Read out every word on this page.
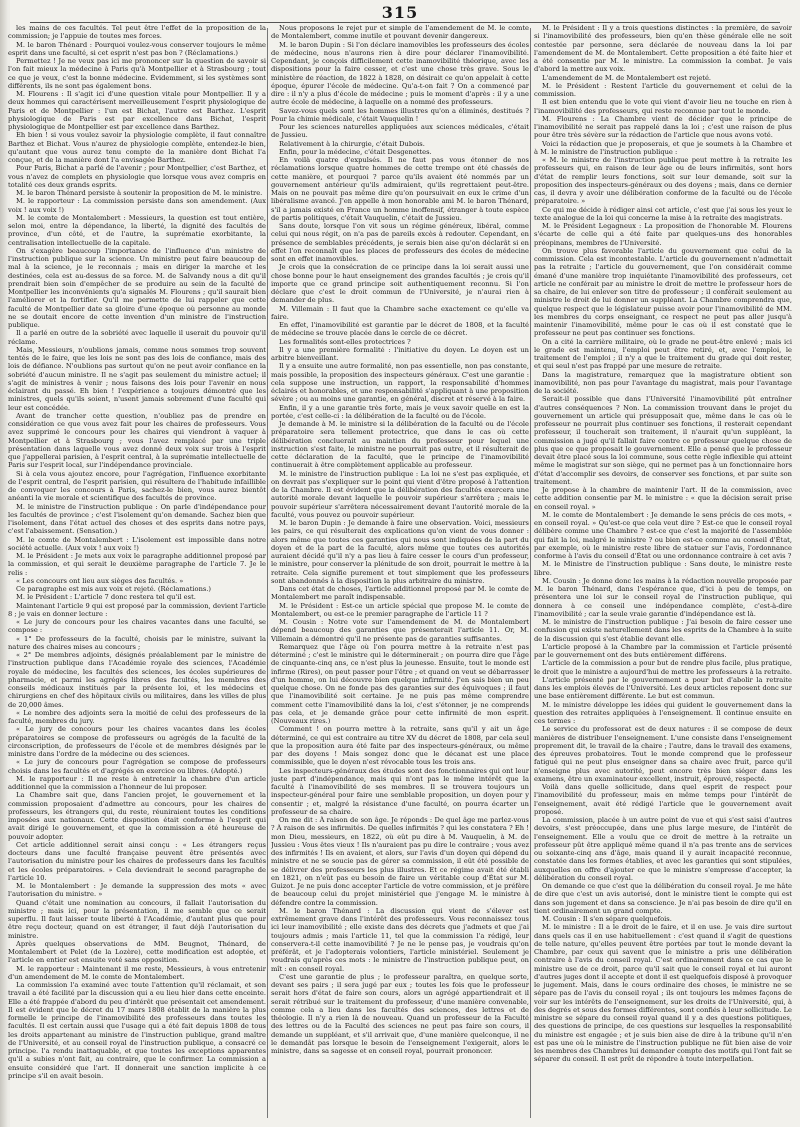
315

les mains de ces facultés. Tel peut être l'effet de la proposition de la commission; je l'appuie de toutes mes forces.

M. le baron Thénard : Pourquoi voulez-vous conserver toujours le même esprit dans une faculté, si cet esprit n'est pas bon ? (Réclamations.)

Permettez ! Je ne veux pas ici me prononcer sur la question de savoir si l'on fait mieux la médecine à Paris qu'à Montpellier et à Strasbourg ; tout ce que je veux, c'est la bonne médecine. Évidemment, si les systèmes sont différents, ils ne sont pas également bons.

M. Flourens : Il s'agit ici d'une question vitale pour Montpellier. Il y a deux hommes qui caractérisent merveilleusement l'esprit physiologique de Paris et de Montpellier : l'un est Bichat, l'autre est Barthez. L'esprit physiologique de Paris est par excellence dans Bichat, l'esprit physiologique de Montpellier est par excellence dans Barthez.

Eh bien ! si vous voulez savoir la physiologie complète, il faut connaître Barthez et Bichat. Vous n'aurez de physiologie complète, entendez-le bien, qu'autant que vous aurez tenu compte de la manière dont Bichat l'a conçue, et de la manière dont l'a envisagée Barthez.

Pour Paris, Bichat a parlé de l'avenir ; pour Montpellier, c'est Barthez, et vous n'avez de complets en physiologie que lorsque vous avez compris en totalité ces deux grands esprits.

M. le baron Thénard persiste à soutenir la proposition de M. le ministre.

M. le rapporteur : La commission persiste dans son amendement. (Aux voix ! aux voix !)

M. le comte de Montalembert : Messieurs, la question est tout entière, selon moi, entre la dépendance, la liberté, la dignité des facultés de province, d'un côté, et de l'autre, la suprématie exorbitante, la centralisation intellectuelle de la capitale.

On s'exagère beaucoup l'importance de l'influence d'un ministre de l'instruction publique sur la science. Un ministre peut faire beaucoup de mal à la science, je le reconnais ; mais en diriger la marche et les destinées, cela est au-dessus de sa force. M. de Salvandy nous a dit qu'il prendrait bien soin d'empêcher de se produire au sein de la faculté de Montpellier les inconvénients qu'a signalés M. Flourens ; qu'il saurait bien l'améliorer et la fortifier. Qu'il me permette de lui rappeler que cette faculté de Montpellier date sa gloire d'une époque où personne au monde ne se doutait encore de cette invention d'un ministre de l'instruction publique.

Il a parlé en outre de la sobriété avec laquelle il userait du pouvoir qu'il réclame.

Mais, Messieurs, n'oublions jamais, comme nous sommes trop souvent tentés de le faire, que les lois ne sont pas des lois de confiance, mais des lois de défiance. N'oublions pas surtout qu'on ne peut avoir confiance en la sobriété d'aucun ministre. Il ne s'agit pas seulement du ministre actuel; il s'agit de ministres à venir ; nous faisons des lois pour l'avenir en nous éclairant du passé. Eh bien ! l'expérience a toujours démontré que les ministres, quels qu'ils soient, n'usent jamais sobrement d'une faculté qui leur est concédée.

Avant de trancher cette question, n'oubliez pas de prendre en considération ce que vous avez fait pour les chaires de professeurs. Vous avez supprimé le concours pour les chaires qui viendront à vaquer à Montpellier et à Strasbourg ; vous l'avez remplacé par une triple présentation dans laquelle vous avez donné deux voix sur trois à l'esprit que j'appellerai parisien, à l'esprit central, à la suprématie intellectuelle de Paris sur l'esprit local, sur l'indépendance provinciale.

Si à cela vous ajoutez encore, pour l'agrégation, l'influence exorbitante de l'esprit central, de l'esprit parisien, qui résultera de l'habitude infaillible de convoquer les concours à Paris, sachez-le bien, vous aurez bientôt anéanti la vie morale et scientifique des facultés de province.

M. le ministre de l'instruction publique : On parle d'indépendance pour les facultés de province ; c'est l'isolement qu'on demande. Sachez bien que l'isolement, dans l'état actuel des choses et des esprits dans notre pays, c'est l'abaissement. (Sensation.)

M. le comte de Montalembert : L'isolement est impossible dans notre société actuelle. (Aux voix ! aux voix !)

M. le Président : Je mets aux voix le paragraphe additionnel proposé par la commission, et qui serait le deuxième paragraphe de l'article 7. Je le relis :

« Les concours ont lieu aux sièges des facultés. »

Ce paragraphe est mis aux voix et rejeté. (Réclamations.)

M. le Président : L'article 7 donc restera tel qu'il est.

Maintenant l'article 9 qui est proposé par la commission, devient l'article 8 ; je vais en donner lecture :

« Le jury de concours pour les chaires vacantes dans une faculté, se compose :

« 1° De professeurs de la faculté, choisis par le ministre, suivant la nature des chaires mises au concours ;

« 2° De membres adjoints, désignés préalablement par le ministre de l'instruction publique dans l'Académie royale des sciences, l'Académie royale de médecine, les facultés des sciences, les écoles supérieures de pharmacie, et parmi les agrégés libres des facultés, les membres des conseils médicaux institués par la présente loi, et les médecins et chirurgiens en chef des hôpitaux civils ou militaires, dans les villes de plus de 20,000 âmes.

« Le nombre des adjoints sera la moitié de celui des professeurs de la faculté, membres du jury.

« Le jury de concours pour les chaires vacantes dans les écoles préparatoires se compose de professeurs ou agrégés de la faculté de la circonscription, de professeurs de l'école et de membres désignés par le ministre dans l'ordre de la médecine ou des sciences.

« Le jury de concours pour l'agrégation se compose de professeurs choisis dans les facultés et d'agrégés en exercice ou libres. (Adopté.)

M. le rapporteur : Il me reste à entretenir la chambre d'un article additionnel que la commission a l'honneur de lui proposer.

La Chambre sait que, dans l'ancien projet, le gouvernement et la commission proposaient d'admettre au concours, pour les chaires de professeurs, les étrangers qui, du reste, réuniraient toutes les conditions imposées aux nationaux. Cette disposition était conforme à l'esprit qui avait dirigé le gouvernement, et que la commission a été heureuse de pouvoir adopter.

Cet article additionnel serait ainsi conçu : « Les étrangers reçus docteurs dans une faculté française peuvent être présentés avec l'autorisation du ministre pour les chaires de professeurs dans les facultés et les écoles préparatoires. » Cela deviendrait le second paragraphe de l'article 10.

M. le Montalembert : Je demande la suppression des mots « avec l'autorisation du ministre. »

Quand c'était une nomination au concours, il fallait l'autorisation du ministre ; mais ici, pour la présentation, il me semble que ce serait superflu. Il faut laisser toute liberté à l'Académie, d'autant plus que pour être reçu docteur, quand on est étranger, il faut déjà l'autorisation du ministre.

Après quelques observations de MM. Beugnot, Thénard, de Montalembert et Pelet (de la Lozère), cette modification est adoptée, et l'article en entier est ensuite voté sans opposition.

M. le rapporteur : Maintenant il me reste, Messieurs, à vous entretenir d'un amendement de M. le comte de Montalembert.

La commission l'a examiné avec toute l'attention qu'il réclamait, et son travail a été facilité par la discussion qui a eu lieu hier dans cette enceinte. Elle a été frappée d'abord du peu d'intérêt que présentait cet amendement. Il est évident que le décret du 17 mars 1808 établit de la manière la plus formelle le principe de l'inamovibilité des professeurs dans toutes les facultés. Il est certain aussi que l'usage qui a été fait depuis 1808 de tous les droits appartenant au ministre de l'instruction publique, grand maître de l'Université, et au conseil royal de l'instruction publique, a consacré ce principe. l'a rendu inattaquable, et que toutes les exceptions apparentes qu'il a subies n'ont fait, au contraire, que le confirmer. La commission a ensuite considéré que l'art. II donnerait une sanction implicite à ce principe s'il en avait besoin.

Nous proposons le rejet pur et simple de l'amendement de M. le comte de Montalembert, comme inutile et pouvant devenir dangereux.

M. le baron Dupin : Si l'on déclare inamovibles les professeurs des écoles de médecine, nous n'aurons rien à dire pour déclarer l'inamovibilité. Cependant, je conçois difficilement cette inamovibilité théorique, avec les dispositions pour la faire cesser, et c'est une chose très grave. Sous le ministère de réaction, de 1822 à 1828, on désirait ce qu'on appelait à cette époque, épurer l'école de médecine. Qu'a-t-on fait ? On a commencé par dire : il n'y a plus d'école de médecine ; puis le moment d'après : il y a une autre école de médecine, à laquelle on a nommé des professeurs.

Savez-vous quels sont les hommes illustres qu'on a éliminés, destitués ? Pour la chimie médicale, c'était Vauquelin !

Pour les sciences naturelles appliquées aux sciences médicales, c'était de Jussieu.

Relativement à la chirurgie, c'était Dubois.

Enfin, pour la médecine, c'était Desgenettes.

En voilà quatre d'expulsés. Il ne faut pas vous étonner de nos réclamations lorsque quatre hommes de cette trempe ont été chassés de cette manière, et pourquoi ? parce qu'ils avaient été nommés par un gouvernement antérieur qu'ils admiraient, qu'ils regrettaient peut-être. Mais on ne pouvait pas même dire qu'on poursuivait en eux le crime d'un libéralisme avancé. J'en appelle à mon honorable ami M. le baron Thénard, s'il a jamais existé en France un homme inoffensif, étranger à toute espèce de partis politiques, c'était Vauquelin, c'était de Jussieu.

Sans doute, lorsque l'on vit sous un régime généreux, libéral, comme celui qui nous régit, on n'a pas de pareils excès à redouter. Cependant, en présence de semblables précédents, je serais bien aise qu'on déclarât si en effet l'on reconnaît que les places de professeurs des écoles de médecine sont en effet inamovibles.

Je crois que la consécration de ce principe dans la loi serait aussi une chose bonne pour le haut enseignement des grandes facultés ; je crois qu'il importe que ce grand principe soit authentiquement reconnu. Si l'on déclare que c'est le droit commun de l'Université, je n'aurai rien à demander de plus.

M. Villemain : Il faut que la Chambre sache exactement ce qu'elle va faire.

En effet, l'inamovibilité est garantie par le décret de 1808, et la faculté de médecine se trouve placée dans le cercle de ce décret.

Les formalités sont-elles protectrices ?

Il y a une première formalité : l'initiative du doyen. Le doyen est un arbitre bienveillant.

Il y a ensuite une autre formalité, non pas essentielle, non pas constante, mais possible, la proposition des inspecteurs généraux. C'est une garantie : cela suppose une instruction, un rapport, la responsabilité d'hommes éclairés et honorables, et une responsabilité s'appliquant à une proposition sévère ; ou au moins une garantie, en général, discret et réservé à la faire.

Enfin, il y a une garantie très forte, mais je veux savoir quelle en est la portée, c'est celle-ci : la délibération de la faculté ou de l'école.

Je demande à M. le ministre si la délibération de la faculté ou de l'école préparatoire sera tellement protectrice, que dans le cas où cette délibération concluerait au maintien du professeur pour lequel une instruction s'est faite, le ministre ne pourrait pas outre, et il résulterait de cette déclaration de la faculté, que le principe de l'inamovibilité continuerait à être complètement applicable au professeur.

M. le ministre de l'instruction publique : La loi ne s'est pas expliquée, et on devrait pas s'expliquer sur le point qui vient d'être proposé à l'attention de la Chambre. Il est évident que la délibération des facultés exercera une autorité morale devant laquelle le pouvoir supérieur s'arrêtera ; mais le pouvoir supérieur s'arrêtera nécessairement devant l'autorité morale de la faculté, vous pouvez ou pouvoir supérieur.

M. le baron Dupin : Je demande à faire une observation. Voici, messieurs les pairs, ce qui résulterait des explications qu'on vient de vous donner : alors même que toutes ces garanties qui nous sont indiquées de la part du doyen et de la part de la faculté, alors même que toutes ces autorités auraient décidé qu'il n'y a pas lieu à faire cesser le cours d'un professeur, le ministre, pour conserver la plénitude de son droit, pourrait le mettre à la retraite. Cela signifie purement et tout simplement que les professeurs sont abandonnés à la disposition la plus arbitraire du ministre.

Dans cet état de choses, l'article additionnel proposé par M. le comte de Montalembert me paraît indispensable.

M. le Président : Est-ce un article spécial que propose M. le comte de Montalembert, ou est-ce le premier paragraphe de l'article 11 ?

M. Cousin : Notre vote sur l'amendement de M. de Montalembert dépend beaucoup des garanties que présenterait l'article 11. Or, M. Villemain a démontré qu'il ne présente pas de garanties suffisantes.

Remarquez que l'âge où l'on pourra mettre à la retraite n'est pas déterminé ; c'est le ministre qui le déterminerait ; on pourra dire que l'âge de cinquante-cinq ans, ce n'est plus la jeunesse. Ensuite, tout le monde est infirme (Rires), on peut passer pour l'être ; et quand on veut se débarrasser d'un homme, on lui découvre bien quelque infirmité. J'en sais bien un peu quelque chose. On ne fonde pas des garanties sur des équivoques ; il faut que l'inamovibilité soit certaine. Je ne puis pas même comprendre comment cette l'inamovibilité dans la loi, c'est s'étonner, je ne comprends pas cela, et je demande grâce pour cette infirmité de mon esprit. (Nouveaux rires.)

Comment ! on pourra mettre à la retraite, sans qu'il y ait un âge déterminé, ce qui est contraire au titre XV du décret de 1808, par cela seul que la proposition aura été faite par des inspecteurs-généraux, ou même par des doyens ! Mais songez donc que le décanat est une place commissible, que le doyen n'est révocable tous les trois ans.

Les inspecteurs-généraux des études sont des fonctionnaires qui ont leur juste part d'indépendance, mais qui n'ont pas le même intérêt que la faculté à l'inamovibilité de ses membres. Il se trouvera toujours un inspecteur-général pour faire une semblable proposition, un doyen pour y consentir ; et, malgré la résistance d'une faculté, on pourra écarter un professeur de sa chaire.

On me dit : À raison de son âge. Je réponds : De quel âge me parlez-vous ? À raison de ses infirmités. De quelles infirmités ? qui les constatera ? Eh ! mon Dieu, messieurs, en 1822, où eût pu dire à M. Vauquelin, à M. de Jussieu : Vous êtes vieux ! Ils n'auraient pas pu dire le contraire ; vous avez des infirmités ! Ils en avaient, et alors, sur l'avis d'un doyen qui dépend du ministre et ne se soucie pas de gérer sa commission, il eût été possible de se délivrer des professeurs les plus illustres. Et ce régime avait été établi en 1821, on n'eût pas eu besoin de faire un véritable coup d'État sur M. Guizot. Je ne puis donc accepter l'article de votre commission, et je préfère de beaucoup celui du projet ministériel que j'engage M. le ministre à défendre contre la commission.

M. le baron Thénard : La discussion qui vient de s'élever est extrêmement grave dans l'intérêt des professeurs. Vous reconnaissez tous ici leur inamovibilité ; elle existe dans des décrets que j'admets et que j'ai toujours admis ; mais l'article 11, tel que la commission l'a rédigé, leur conservera-t-il cette inamovibilité ? Je ne le pense pas, je voudrais qu'on préférât, et je l'adopterais volontiers, l'article ministériel. Seulement je voudrais qu'après ces mots : le ministre de l'instruction publique peut, on mît : en conseil royal.

C'est une garantie de plus ; le professeur paraîtra, en quelque sorte, devant ses pairs ; il sera jugé par eux ; toutes les fois que le professeur serait hors d'état de faire son cours, alors un agrégé appartiendrait et il serait rétribué sur le traitement du professeur, d'une manière convenable, comme cela a lieu dans les facultés des sciences, des lettres et de théologie. Il n'y a rien là de nouveau. Quand un professeur de la Faculté des lettres ou de la Faculté des sciences ne peut pas faire son cours, il demande un suppléant, et s'il arrivait que, d'une manière quelconque, il ne le demandât pas lorsque le besoin de l'enseignement l'exigerait, alors le ministre, dans sa sagesse et en conseil royal, pourrait prononcer.

M. le Président : Il y a trois questions distinctes : la première, de savoir si l'inamovibilité des professeurs, bien qu'en thèse générale elle ne soit contestée par personne, sera déclarée de nouveau dans la loi par l'amendement de M. de Montalembert. Cette proposition a été faite hier et a été consentie par M. le ministre. La commission la combat. Je vais d'abord la mettre aux voix.

L'amendement de M. de Montalembert est rejeté.

M. le Président : Restent l'article du gouvernement et celui de la commission.

Il est bien entendu que le vote qui vient d'avoir lieu ne touche en rien à l'inamovibilité des professeurs, qui reste reconnue par tout le monde.

M. Flourens : La Chambre vient de décider que le principe de l'inamovibilité ne serait pas rappelé dans la loi ; c'est une raison de plus pour être très sévère sur la rédaction de l'article que nous avons voté.

Voici la rédaction que je proposerais, et que je soumets à la Chambre et à M. le ministre de l'instruction publique :

« M. le ministre de l'instruction publique peut mettre à la retraite les professeurs qui, en raison de leur âge ou de leurs infirmités, sont hors d'état de remplir leurs fonctions, soit sur leur demande, soit sur la proposition des inspecteurs-généraux ou des doyens ; mais, dans ce dernier cas, il devra y avoir une délibération conforme de la faculté ou de l'école préparatoire. »

Ce qui me décide à rédiger ainsi cet article, c'est que j'ai sous les yeux le texte analogue de la loi qui concerne la mise à la retraite des magistrats.

M. le Président Legagneux : La proposition de l'honorable M. Flourens s'écarte de celle qui a été faite par quelques-uns des honorables préopinans, membres de l'Université.

On trouve plus favorable l'article du gouvernement que celui de la commission. Cela est incontestable. L'article du gouvernement n'admettait pas la retraite ; l'article du gouvernement, que l'on considérait comme émané d'une manière trop inquiétante l'inamovibilité des professeurs, cet article ne conférait par au ministre le droit de mettre le professeur hors de sa chaire, de lui enlever son titre de professeur ; il conférait seulement au ministre le droit de lui donner un suppléant. La Chambre comprendra que, quelque respect que le législateur puisse avoir pour l'inamovibilité de MM. les membres du corps enseignant, ce respect ne peut pas aller jusqu'à maintenir l'inamovibilité, même pour le cas où il est constaté que le professeur ne peut pas continuer ses fonctions.

On a cité la carrière militaire, où le grade ne peut-être enlevé ; mais ici le grade est maintenu, l'emploi peut être retiré, et, avec l'emploi, le traitement de l'emploi ; il n'y a que le traitement du grade qui doit rester, et qui seul n'est pas frappé par une mesure de retraite.

Dans la magistrature, remarquez que la magistrature obtient son inamovibilité, non pas pour l'avantage du magistrat, mais pour l'avantage de la société.

Serait-il possible que dans l'Université l'inamovibilité pût entraîner d'autres conséquences ? Non. La commission trouvant dans le projet du gouvernement un article qui présupposait que, même dans le cas où le professeur ne pourrait plus continuer ses fonctions, il resterait cependant professeur, il toucherait son traitement, il n'aurait qu'un suppléant, la commission a jugé qu'il fallait faire contre ce professeur quelque chose de plus que ce que proposait le gouvernement. Elle a pensé que le professeur devait être placé sous la loi commune, sous cette règle inflexible qui atteint même le magistrat sur son siège, qui ne permet pas à un fonctionnaire hors d'état d'accomplir ses devoirs, de conserver ses fonctions, et par suite son traitement.

Je propose à la chambre de maintenir l'art. II de la commission, avec cette addition consentie par M. le ministre : « que la décision serait prise en conseil royal. »

M. le comte de Montalembert : Je demande le sens précis de ces mots, « en conseil royal. » Qu'est-ce que cela veut dire ? Est-ce que le conseil royal délibère comme une Chambre ? est-ce que c'est la majorité de l'assemblée qui fait la loi, malgré le ministre ? ou bien est-ce comme au conseil d'État, par exemple, où le ministre reste libre de statuer sur l'avis, l'ordonnance conforme à l'avis du conseil d'État ou une ordonnance contraire à cet avis ?

M. le Ministre de l'instruction publique : Sans doute, le ministre reste libre.

M. Cousin : Je donne donc les mains à la rédaction nouvelle proposée par M. le baron Thénard, dans l'espérance que, d'ici à peu de temps, on présentera une loi sur le conseil royal de l'instruction publique, qui donnera à ce conseil une indépendance complète, c'est-à-dire l'inamovibilité ; car la seule vraie garantie d'indépendance est là.

M. le ministre de l'instruction publique : J'ai besoin de faire cesser une confusion qui existe naturellement dans les esprits de la Chambre à la suite de la discussion qui s'est établie devant elle.

L'article proposé à la Chambre par la commission et l'article présenté par le gouvernement ont des buts entièrement différens.

L'article de la commission a pour but de rendre plus facile, plus pratique, le droit que le ministre a aujourd'hui de mettre les professeurs à la retraite.

L'article présenté par le gouvernement a pour but d'abolir la retraite dans les emplois élevés de l'Université. Les deux articles reposent donc sur une base entièrement différente. Le but est commun.

M. le ministre développe les idées qui guident le gouvernement dans la question des retraites appliquées à l'enseignement. Il continue ensuite en ces termes :

Le service du professorat est de deux natures : il se compose de deux manières de distribuer l'enseignement. L'une consiste dans l'enseignement proprement dit, le travail de la chaire ; l'autre, dans le travail des examens, des épreuves probatoires. Tout le monde comprend que le professeur fatigué qui ne peut plus enseigner dans sa chaire avec fruit, parce qu'il n'enseigne plus avec autorité, peut encore très bien siéger dans les examens, être un examinateur excellent, instruit, éprouvé, respecté.

Voilà dans quelle sollicitude, dans quel esprit de respect pour l'inamovibilité du professeur, mais en même temps pour l'intérêt de l'enseignement, avait été rédigé l'article que le gouvernement avait proposé.

La commission, placée à un autre point de vue et qui s'est saisi d'autres devoirs, s'est préoccupée, dans une plus large mesure, de l'intérêt de l'enseignement. Elle a voulu que ce droit de mettre à la retraite un professeur pût être appliqué même quand il n'a pas trente ans de services ou soixante-cinq ans d'âge, mais quand il y aurait incapacité reconnue, constatée dans les formes établies, et avec les garanties qui sont stipulées, auxquelles on offre d'ajouter ce que le ministre s'empresse d'accepter, la délibération du conseil royal.

On demande ce que c'est que la délibération du conseil royal. Je me hâte de dire que c'est un avis autorisé, dont le ministre tient le compte qui est dans son jugement et dans sa conscience. Je n'ai pas besoin de dire qu'il en tient ordinairement un grand compte.

M. Cousin : Il s'en sépare quelquefois.

M. le ministre : Il a le droit de le faire, et il en use. Je vais dire surtout dans quels cas il en use habituellement : c'est quand il s'agit de questions de telle nature, qu'elles peuvent être portées par tout le monde devant la Chambre, par ceux qui savent que le ministre a pris une délibération contraire à l'avis du conseil royal. C'est ordinairement dans ce cas que le ministre use de ce droit, parce qu'il sait que le conseil royal et lui auront d'autres juges dont il accepte et dont il est quelquefois disposé à provoquer le jugement. Mais, dans le cours ordinaire des choses, le ministre ne se sépare pas de l'avis du conseil royal ; ils ont toujours les mêmes façons de voir sur les intérêts de l'enseignement, sur les droits de l'Université, qui, à des degrés et sous des formes différentes, sont confiés à leur sollicitude. Le ministre se sépare du conseil royal quand il y a des questions politiques, des questions de principe, de ces questions sur lesquelles la responsabilité du ministre est engagée ; et je suis bien aise de dire à la tribune qu'il n'en est pas une où le ministre de l'instruction publique ne fût bien aise de voir les membres des Chambres lui demander compte des motifs qui l'ont fait se séparer du conseil. Il est prêt de répondre à toute interpellation.
